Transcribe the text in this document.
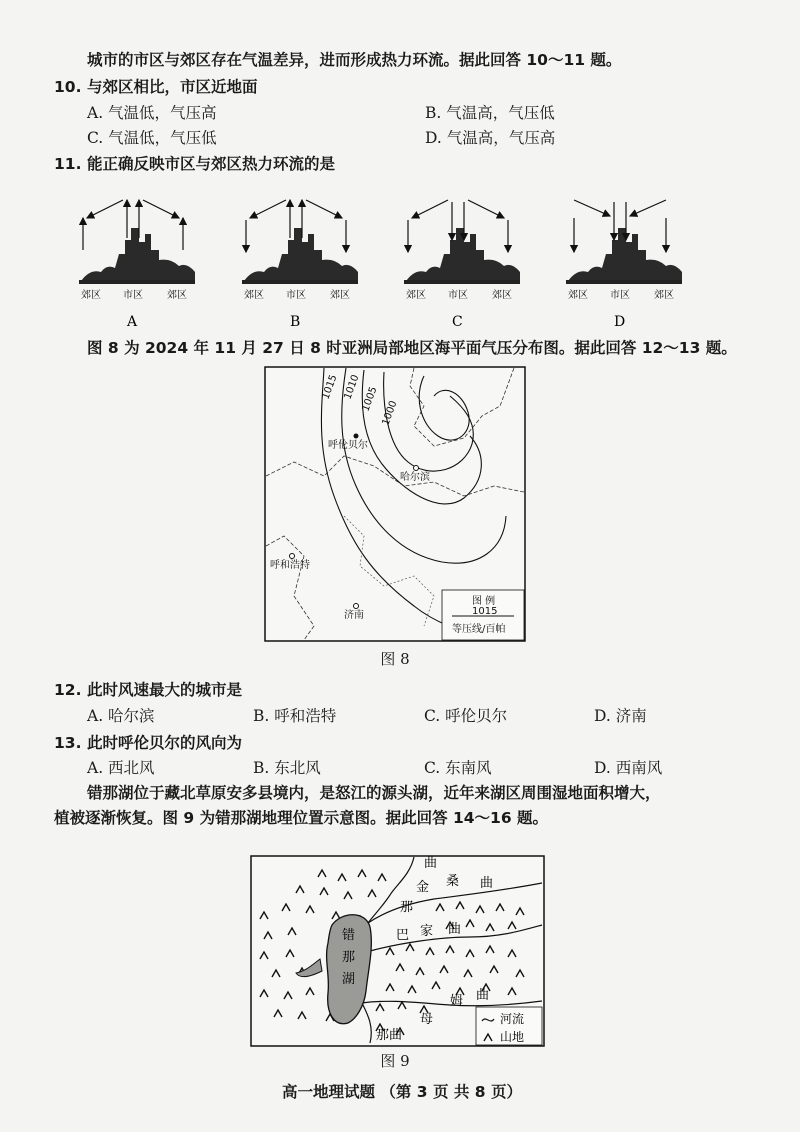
城市的市区与郊区存在气温差异，进而形成热力环流。据此回答 10～11 题。
10. 与郊区相比，市区近地面
A. 气温低，气压高	B. 气温高，气压低
C. 气温低，气压低	D. 气温高，气压高
11. 能正确反映市区与郊区热力环流的是
郊区 市区 郊区
A
郊区 市区 郊区
B
郊区 市区 郊区
C
郊区 市区 郊区
D
图 8 为 2024 年 11 月 27 日 8 时亚洲局部地区海平面气压分布图。据此回答 12～13 题。
1015 1010
1005
1000
呼伦贝尔
哈尔滨
呼和浩特
济南
图 例
1015
等压线/百帕
图 8
12. 此时风速最大的城市是
A. 哈尔滨	B. 呼和浩特	C. 呼伦贝尔	D. 济南
13. 此时呼伦贝尔的风向为
A. 西北风	B. 东北风	C. 东南风	D. 西南风
错那湖位于藏北草原安多县境内，是怒江的源头湖，近年来湖区周围湿地面积增大，
植被逐渐恢复。图 9 为错那湖地理位置示意图。据此回答 14～16 题。
错
那
湖
曲
金 桑 曲
那
巴 家 曲
姆 曲
母
那曲
河流
山地
图 9
高一地理试题 （第 3 页 共 8 页）
